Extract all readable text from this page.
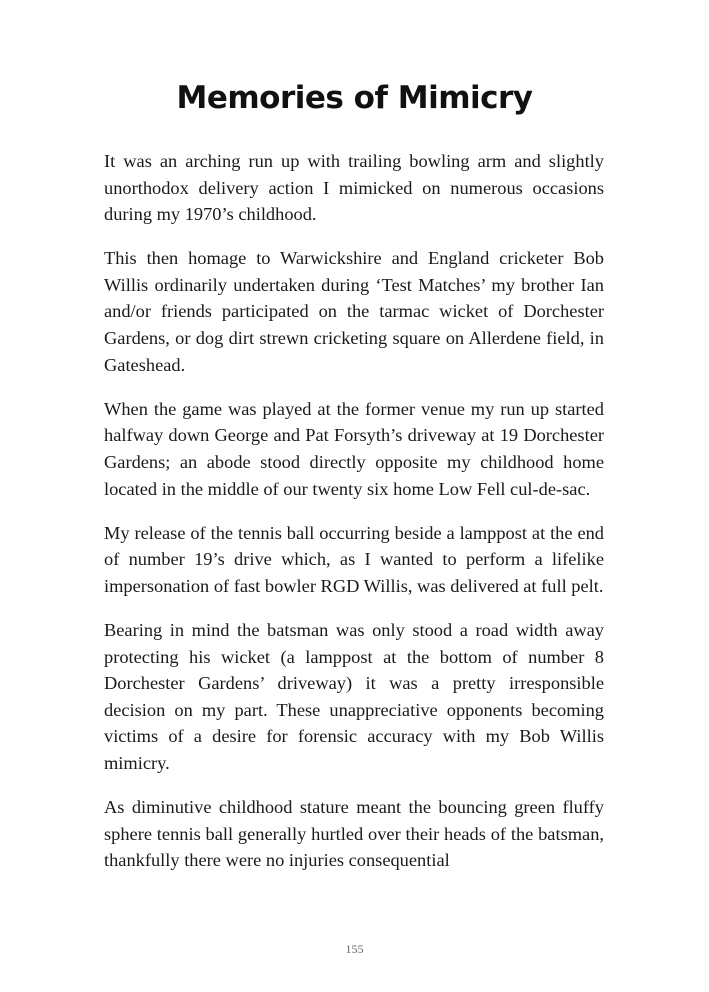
Memories of Mimicry

It was an arching run up with trailing bowling arm and slightly unorthodox delivery action I mimicked on numerous occasions during my 1970’s childhood.

This then homage to Warwickshire and England cricketer Bob Willis ordinarily undertaken during ‘Test Matches’ my brother Ian and/or friends participated on the tarmac wicket of Dorchester Gardens, or dog dirt strewn cricketing square on Allerdene field, in Gateshead.

When the game was played at the former venue my run up started halfway down George and Pat Forsyth’s driveway at 19 Dorchester Gardens; an abode stood directly opposite my childhood home located in the middle of our twenty six home Low Fell cul-de-sac.

My release of the tennis ball occurring beside a lamppost at the end of number 19’s drive which, as I wanted to perform a lifelike impersonation of fast bowler RGD Willis, was delivered at full pelt.

Bearing in mind the batsman was only stood a road width away protecting his wicket (a lamppost at the bottom of number 8 Dorchester Gardens’ driveway) it was a pretty irresponsible decision on my part. These unappreciative opponents becoming victims of a desire for forensic accuracy with my Bob Willis mimicry.

As diminutive childhood stature meant the bouncing green fluffy sphere tennis ball generally hurtled over their heads of the batsman, thankfully there were no injuries consequential

155
